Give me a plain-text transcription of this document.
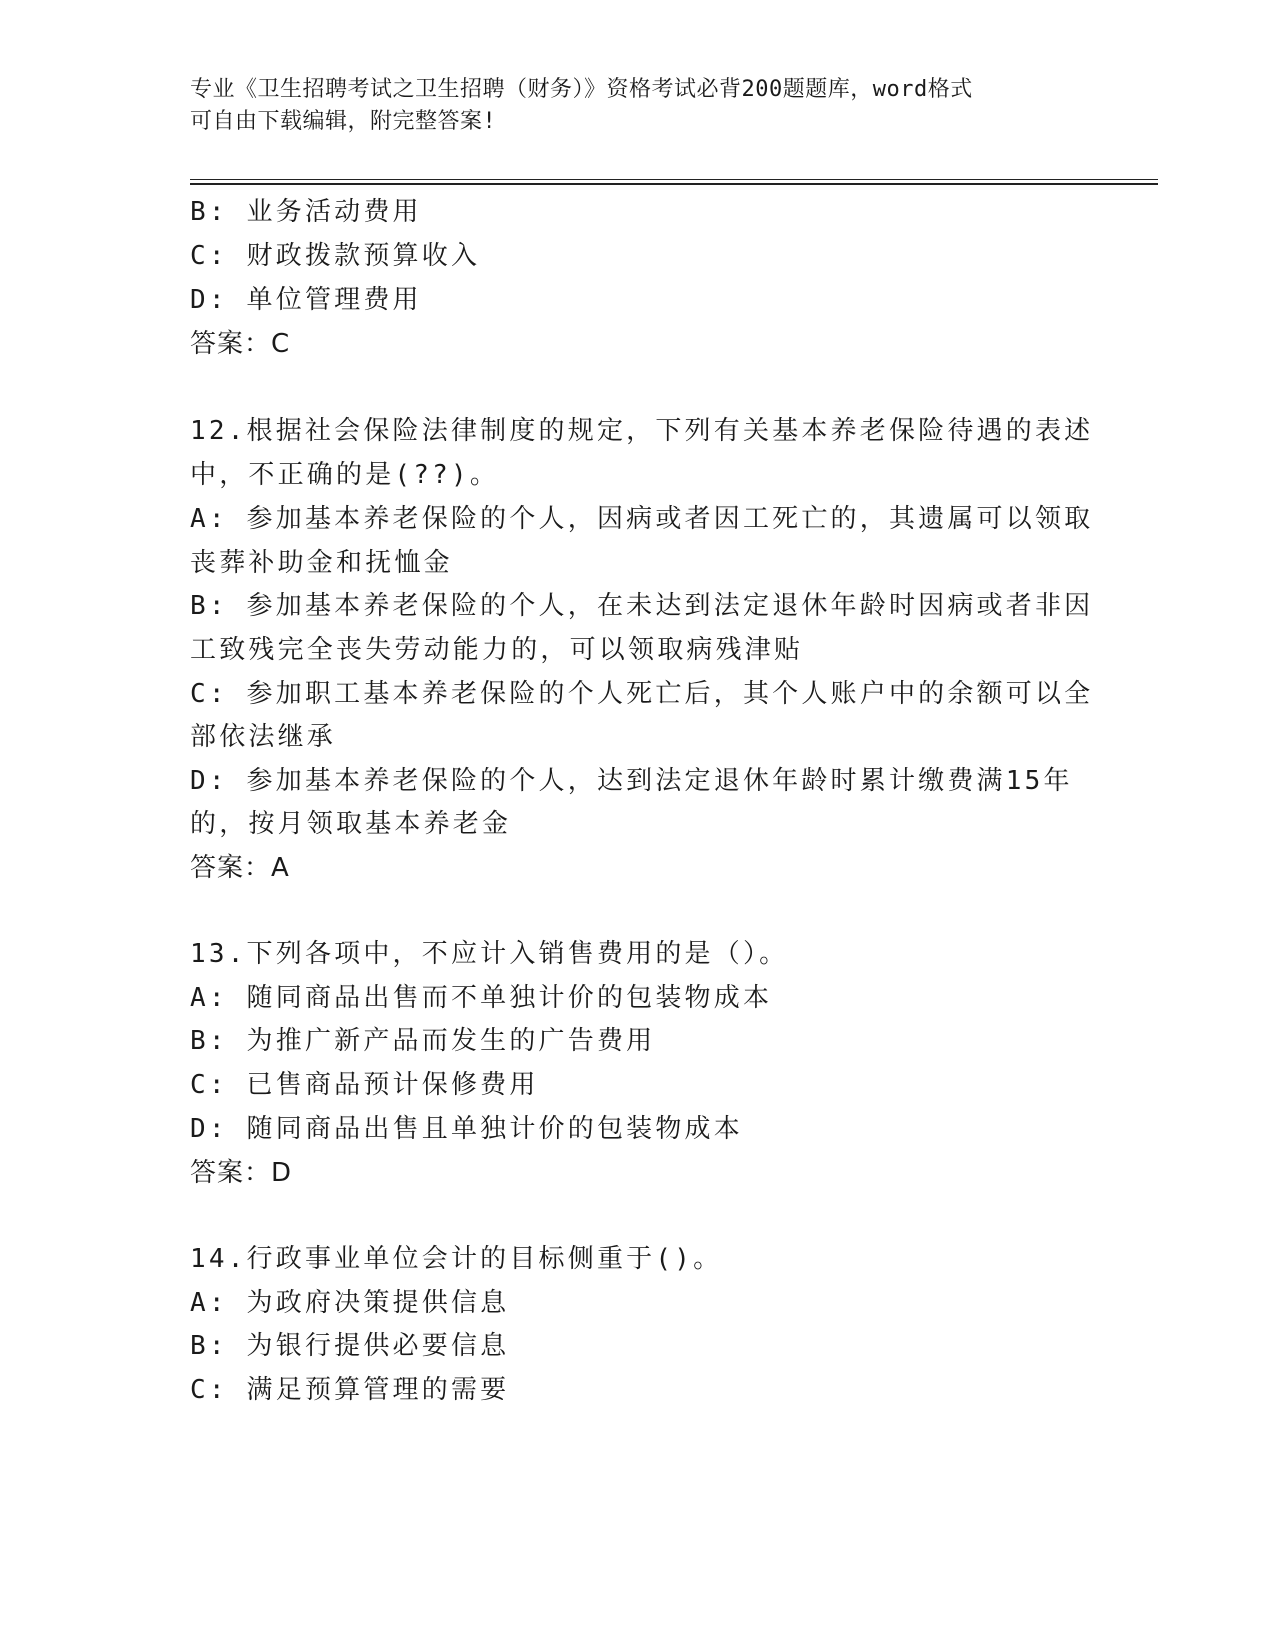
专业《卫生招聘考试之卫生招聘（财务）》资格考试必背200题题库，word格式
可自由下载编辑，附完整答案!
B: 业务活动费用
C: 财政拨款预算收入
D: 单位管理费用
答案：C
12.根据社会保险法律制度的规定，下列有关基本养老保险待遇的表述
中，不正确的是(??)。
A: 参加基本养老保险的个人，因病或者因工死亡的，其遗属可以领取
丧葬补助金和抚恤金
B: 参加基本养老保险的个人，在未达到法定退休年龄时因病或者非因
工致残完全丧失劳动能力的，可以领取病残津贴
C: 参加职工基本养老保险的个人死亡后，其个人账户中的余额可以全
部依法继承
D: 参加基本养老保险的个人，达到法定退休年龄时累计缴费满15年
的，按月领取基本养老金
答案：A
13.下列各项中，不应计入销售费用的是（）。
A: 随同商品出售而不单独计价的包装物成本
B: 为推广新产品而发生的广告费用
C: 已售商品预计保修费用
D: 随同商品出售且单独计价的包装物成本
答案：D
14.行政事业单位会计的目标侧重于()。
A: 为政府决策提供信息
B: 为银行提供必要信息
C: 满足预算管理的需要
